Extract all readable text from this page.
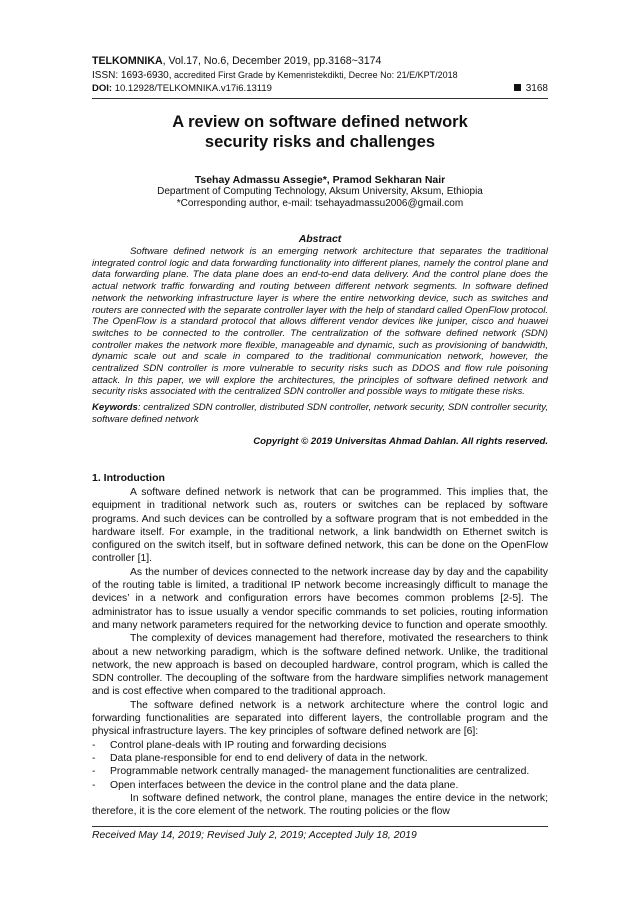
TELKOMNIKA, Vol.17, No.6, December 2019, pp.3168~3174
ISSN: 1693-6930, accredited First Grade by Kemenristekdikti, Decree No: 21/E/KPT/2018
DOI: 10.12928/TELKOMNIKA.v17i6.13119	3168
A review on software defined network
security risks and challenges
Tsehay Admassu Assegie*, Pramod Sekharan Nair
Department of Computing Technology, Aksum University, Aksum, Ethiopia
*Corresponding author, e-mail: tsehayadmassu2006@gmail.com
Abstract

Software defined network is an emerging network architecture that separates the traditional integrated control logic and data forwarding functionality into different planes, namely the control plane and data forwarding plane. The data plane does an end-to-end data delivery. And the control plane does the actual network traffic forwarding and routing between different network segments. In software defined network the networking infrastructure layer is where the entire networking device, such as switches and routers are connected with the separate controller layer with the help of standard called OpenFlow protocol. The OpenFlow is a standard protocol that allows different vendor devices like juniper, cisco and huawei switches to be connected to the controller. The centralization of the software defined network (SDN) controller makes the network more flexible, manageable and dynamic, such as provisioning of bandwidth, dynamic scale out and scale in compared to the traditional communication network, however, the centralized SDN controller is more vulnerable to security risks such as DDOS and flow rule poisoning attack. In this paper, we will explore the architectures, the principles of software defined network and security risks associated with the centralized SDN controller and possible ways to mitigate these risks.

Keywords: centralized SDN controller, distributed SDN controller, network security, SDN controller security, software defined network

Copyright © 2019 Universitas Ahmad Dahlan. All rights reserved.
1. Introduction

A software defined network is network that can be programmed. This implies that, the equipment in traditional network such as, routers or switches can be replaced by software programs. And such devices can be controlled by a software program that is not embedded in the hardware itself. For example, in the traditional network, a link bandwidth on Ethernet switch is configured on the switch itself, but in software defined network, this can be done on the OpenFlow controller [1].

As the number of devices connected to the network increase day by day and the capability of the routing table is limited, a traditional IP network become increasingly difficult to manage the devices’ in a network and configuration errors have becomes common problems [2-5]. The administrator has to issue usually a vendor specific commands to set policies, routing information and many network parameters required for the networking device to function and operate smoothly.

The complexity of devices management had therefore, motivated the researchers to think about a new networking paradigm, which is the software defined network. Unlike, the traditional network, the new approach is based on decoupled hardware, control program, which is called the SDN controller. The decoupling of the software from the hardware simplifies network management and is cost effective when compared to the traditional approach.

The software defined network is a network architecture where the control logic and forwarding functionalities are separated into different layers, the controllable program and the physical infrastructure layers. The key principles of software defined network are [6]:

- Control plane-deals with IP routing and forwarding decisions
- Data plane-responsible for end to end delivery of data in the network.
- Programmable network centrally managed- the management functionalities are centralized.
- Open interfaces between the device in the control plane and the data plane.

In software defined network, the control plane, manages the entire device in the network; therefore, it is the core element of the network. The routing policies or the flow

Received May 14, 2019; Revised July 2, 2019; Accepted July 18, 2019
